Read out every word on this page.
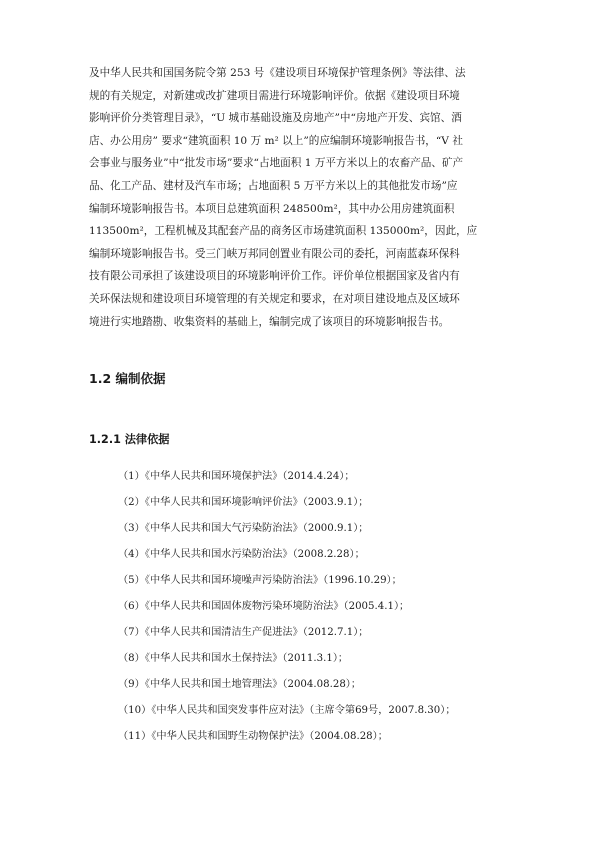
及中华人民共和国国务院令第 253 号《建设项目环境保护管理条例》等法律、法
规的有关规定，对新建或改扩建项目需进行环境影响评价。依据《建设项目环境
影响评价分类管理目录》，“U 城市基础设施及房地产”中“房地产开发、宾馆、酒
店、办公用房” 要求“建筑面积 10 万 m² 以上”的应编制环境影响报告书，“V 社
会事业与服务业”中“批发市场”要求“占地面积 1 万平方米以上的农畜产品、矿产
品、化工产品、建材及汽车市场；占地面积 5 万平方米以上的其他批发市场”应
编制环境影响报告书。本项目总建筑面积 248500m²，其中办公用房建筑面积
113500m²，工程机械及其配套产品的商务区市场建筑面积 135000m²，因此，应
编制环境影响报告书。受三门峡万邦同创置业有限公司的委托，河南蓝森环保科
技有限公司承担了该建设项目的环境影响评价工作。评价单位根据国家及省内有
关环保法规和建设项目环境管理的有关规定和要求，在对项目建设地点及区域环
境进行实地踏勘、收集资料的基础上，编制完成了该项目的环境影响报告书。
1.2 编制依据
1.2.1 法律依据
（1）《中华人民共和国环境保护法》（2014.4.24）；
（2）《中华人民共和国环境影响评价法》（2003.9.1）；
（3）《中华人民共和国大气污染防治法》（2000.9.1）；
（4）《中华人民共和国水污染防治法》（2008.2.28）；
（5）《中华人民共和国环境噪声污染防治法》（1996.10.29）；
（6）《中华人民共和国固体废物污染环境防治法》（2005.4.1）；
（7）《中华人民共和国清洁生产促进法》（2012.7.1）；
（8）《中华人民共和国水土保持法》（2011.3.1）；
（9）《中华人民共和国土地管理法》（2004.08.28）；
（10）《中华人民共和国突发事件应对法》（主席令第69号，2007.8.30）；
（11）《中华人民共和国野生动物保护法》（2004.08.28）；
